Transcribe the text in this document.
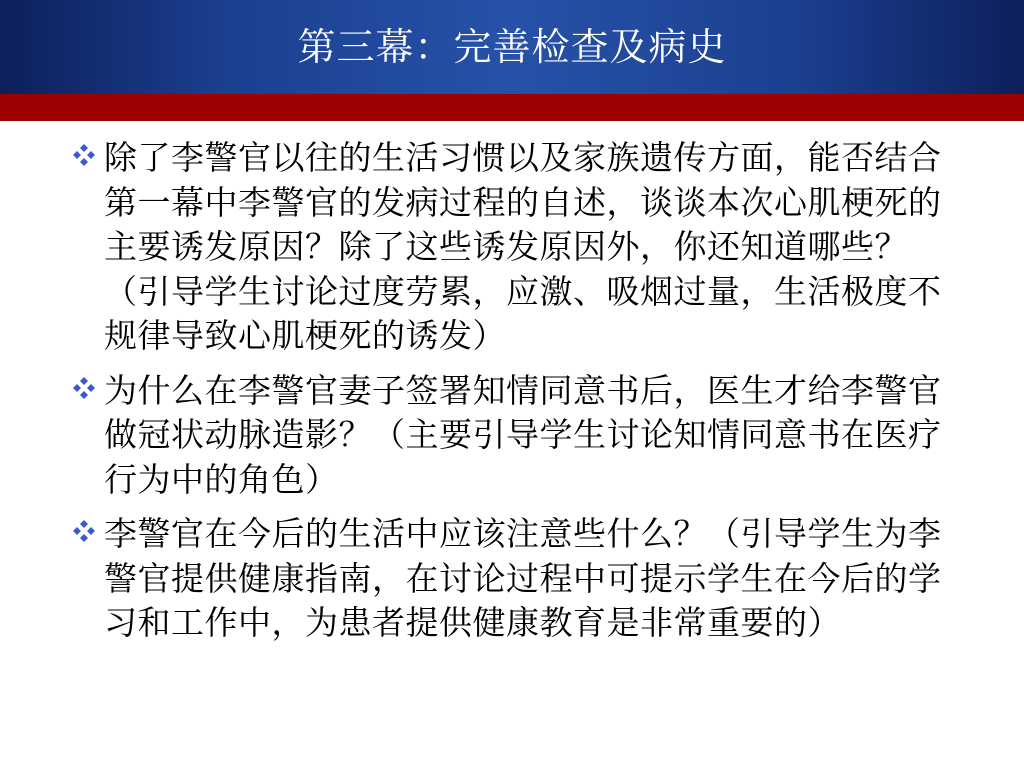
第三幕：完善检查及病史
除了李警官以往的生活习惯以及家族遗传方面，能否结合第一幕中李警官的发病过程的自述，谈谈本次心肌梗死的主要诱发原因？除了这些诱发原因外，你还知道哪些？（引导学生讨论过度劳累，应激、吸烟过量，生活极度不规律导致心肌梗死的诱发）
为什么在李警官妻子签署知情同意书后，医生才给李警官做冠状动脉造影？（主要引导学生讨论知情同意书在医疗行为中的角色）
李警官在今后的生活中应该注意些什么？（引导学生为李警官提供健康指南，在讨论过程中可提示学生在今后的学习和工作中，为患者提供健康教育是非常重要的）
